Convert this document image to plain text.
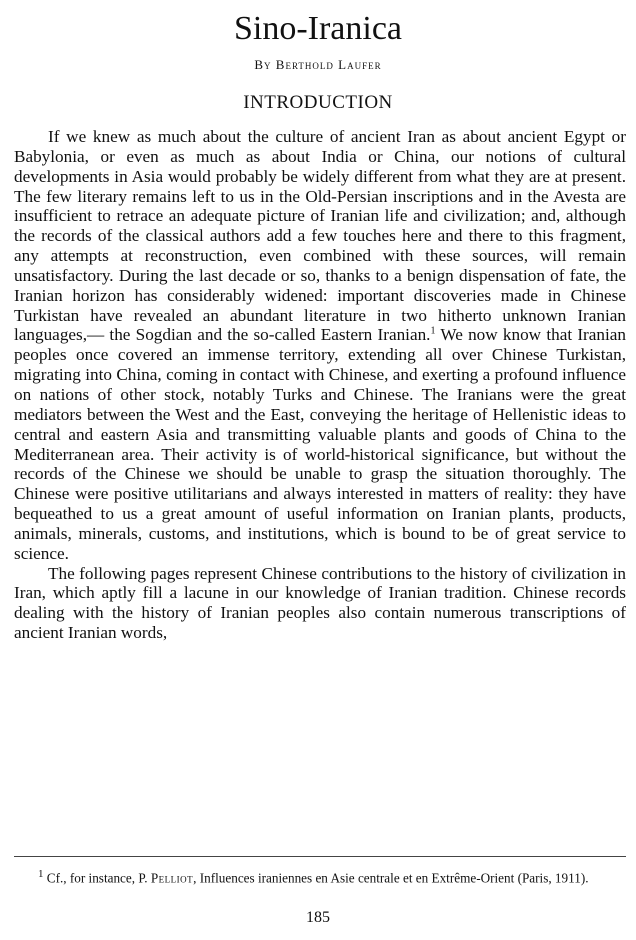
Sino-Iranica
By Berthold Laufer
INTRODUCTION

If we knew as much about the culture of ancient Iran as about ancient Egypt or Babylonia, or even as much as about India or China, our notions of cultural developments in Asia would probably be widely different from what they are at present. The few literary remains left to us in the Old-Persian inscriptions and in the Avesta are insufficient to retrace an adequate picture of Iranian life and civilization; and, although the records of the classical authors add a few touches here and there to this fragment, any attempts at reconstruction, even combined with these sources, will remain unsatisfactory. During the last decade or so, thanks to a benign dispensation of fate, the Iranian horizon has considerably widened: important discoveries made in Chinese Turkistan have revealed an abundant literature in two hitherto unknown Iranian languages,— the Sogdian and the so-called Eastern Iranian.$^1$ We now know that Iranian peoples once covered an immense territory, extending all over Chinese Turkistan, migrating into China, coming in contact with Chinese, and exerting a profound influence on nations of other stock, notably Turks and Chinese. The Iranians were the great mediators between the West and the East, conveying the heritage of Hellenistic ideas to central and eastern Asia and transmitting valuable plants and goods of China to the Mediterranean area. Their activity is of world-historical significance, but without the records of the Chinese we should be unable to grasp the situation thoroughly. The Chinese were positive utilitarians and always interested in matters of reality: they have bequeathed to us a great amount of useful information on Iranian plants, products, animals, minerals, customs, and institutions, which is bound to be of great service to science.

The following pages represent Chinese contributions to the history of civilization in Iran, which aptly fill a lacune in our knowledge of Iranian tradition. Chinese records dealing with the history of Iranian peoples also contain numerous transcriptions of ancient Iranian words,

$^1$ Cf., for instance, P. Pelliot, Influences iraniennes en Asie centrale et en Extrême-Orient (Paris, 1911).
185
